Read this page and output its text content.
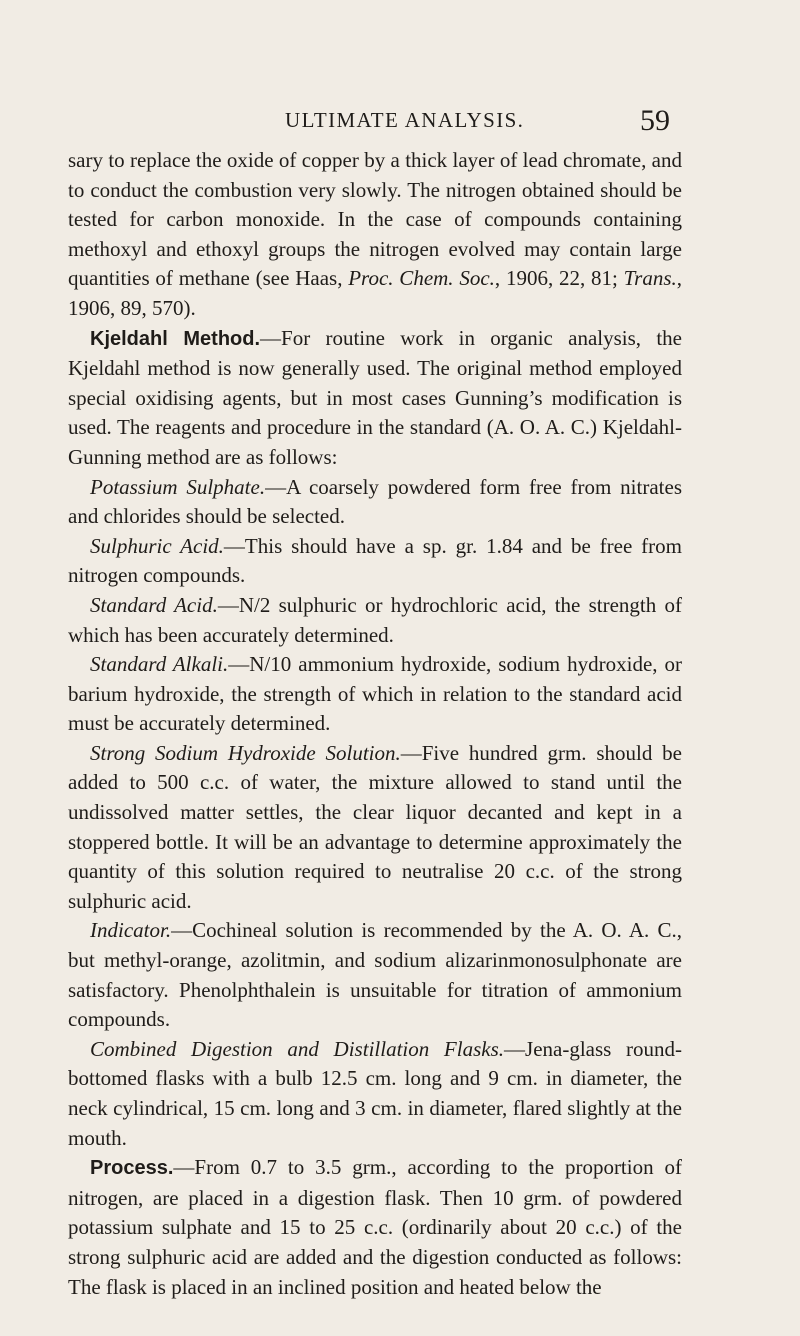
ULTIMATE ANALYSIS.	59

sary to replace the oxide of copper by a thick layer of lead chromate, and to conduct the combustion very slowly. The nitrogen obtained should be tested for carbon monoxide. In the case of compounds containing methoxyl and ethoxyl groups the nitrogen evolved may contain large quantities of methane (see Haas, Proc. Chem. Soc., 1906, 22, 81; Trans., 1906, 89, 570).

Kjeldahl Method.—For routine work in organic analysis, the Kjeldahl method is now generally used. The original method employed special oxidising agents, but in most cases Gunning’s modification is used. The reagents and procedure in the standard (A. O. A. C.) Kjeldahl-Gunning method are as follows:

Potassium Sulphate.—A coarsely powdered form free from nitrates and chlorides should be selected.

Sulphuric Acid.—This should have a sp. gr. 1.84 and be free from nitrogen compounds.

Standard Acid.—N/2 sulphuric or hydrochloric acid, the strength of which has been accurately determined.

Standard Alkali.—N/10 ammonium hydroxide, sodium hydroxide, or barium hydroxide, the strength of which in relation to the standard acid must be accurately determined.

Strong Sodium Hydroxide Solution.—Five hundred grm. should be added to 500 c.c. of water, the mixture allowed to stand until the undissolved matter settles, the clear liquor decanted and kept in a stoppered bottle. It will be an advantage to determine approximately the quantity of this solution required to neutralise 20 c.c. of the strong sulphuric acid.

Indicator.—Cochineal solution is recommended by the A. O. A. C., but methyl-orange, azolitmin, and sodium alizarinmonosulphonate are satisfactory. Phenolphthalein is unsuitable for titration of ammonium compounds.

Combined Digestion and Distillation Flasks.—Jena-glass round-bottomed flasks with a bulb 12.5 cm. long and 9 cm. in diameter, the neck cylindrical, 15 cm. long and 3 cm. in diameter, flared slightly at the mouth.

Process.—From 0.7 to 3.5 grm., according to the proportion of nitrogen, are placed in a digestion flask. Then 10 grm. of powdered potassium sulphate and 15 to 25 c.c. (ordinarily about 20 c.c.) of the strong sulphuric acid are added and the digestion conducted as follows: The flask is placed in an inclined position and heated below the
